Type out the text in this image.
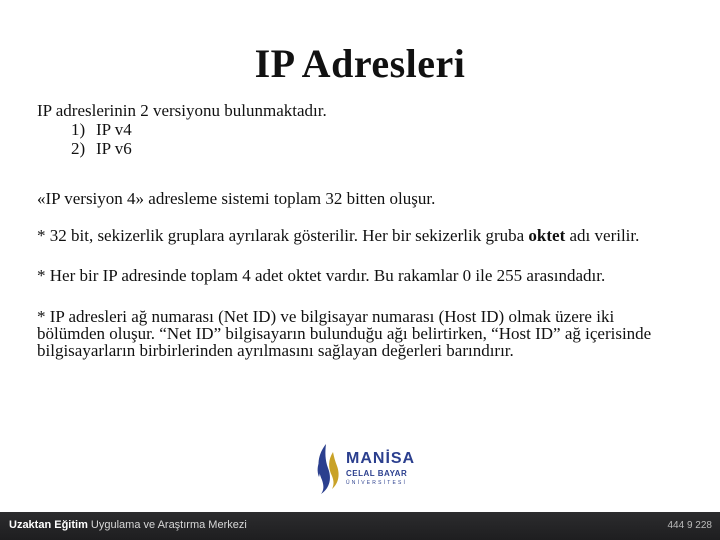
IP Adresleri

IP adreslerinin 2 versiyonu bulunmaktadır.

1) IP v4
2) IP v6

«IP versiyon 4» adresleme sistemi toplam 32 bitten oluşur.

* 32 bit, sekizerlik gruplara ayrılarak gösterilir. Her bir sekizerlik gruba oktet adı verilir.

* Her bir IP adresinde toplam 4 adet oktet vardır. Bu rakamlar 0 ile 255 arasındadır.

* IP adresleri ağ numarası (Net ID) ve bilgisayar numarası (Host ID) olmak üzere iki bölümden oluşur. “Net ID” bilgisayarın bulunduğu ağı belirtirken, “Host ID” ağ içerisinde bilgisayarların birbirlerinden ayrılmasını sağlayan değerleri barındırır.

MANİSA
CELAL BAYAR
ÜNİVERSİTESİ
Uzaktan Eğitim Uygulama ve Araştırma Merkezi	444 9 228
